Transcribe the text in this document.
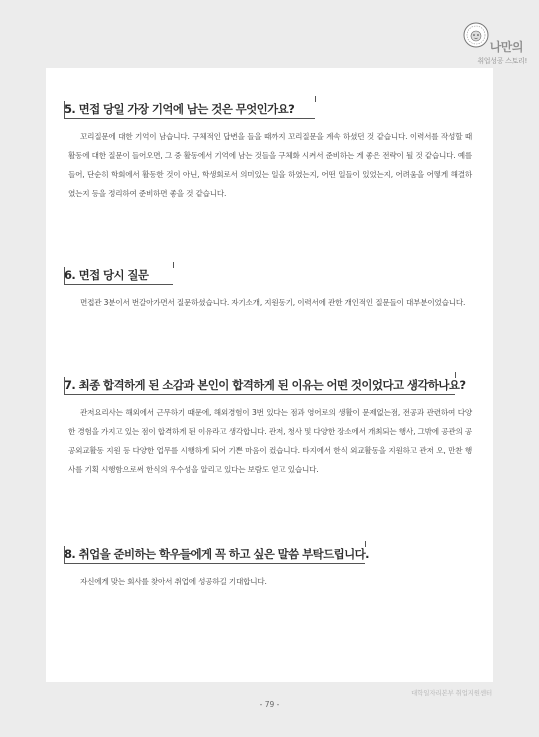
나만의
취업성공 스토리!
5. 면접 당일 가장 기억에 남는 것은 무엇인가요?
꼬리질문에 대한 기억이 남습니다. 구체적인 답변을 들을 때까지 꼬리질문을 계속 하셨던 것 같습니다. 이력서를 작성할 때 활동에 대한 질문이 들어오면, 그 중 활동에서 기억에 남는 것들을 구체화 시켜서 준비하는 게 좋은 전략이 될 것 같습니다. 예를 들어, 단순히 학회에서 활동한 것이 아닌, 학생회로서 의미있는 일을 하였는지, 어떤 일들이 있었는지, 어려움을 어떻게 해결하였는지 등을 정리하여 준비하면 좋을 것 같습니다.
6. 면접 당시 질문
면접관 3분이서 번갈아가면서 질문하셨습니다. 자기소개, 지원동기, 이력서에 관한 개인적인 질문들이 대부분이었습니다.
7. 최종 합격하게 된 소감과 본인이 합격하게 된 이유는 어떤 것이었다고 생각하나요?
관저요리사는 해외에서 근무하기 때문에, 해외경험이 3번 있다는 점과 영어로의 생활이 문제없는점, 전공과 관련하여 다양한 경험을 가지고 있는 점이 합격하게 된 이유라고 생각합니다. 관저, 청사 및 다양한 장소에서 개최되는 행사, 그밖에 공관의 공공외교활동 지원 등 다양한 업무를 시행하게 되어 기쁜 마음이 컸습니다. 타지에서 한식 외교활동을 지원하고 관저 오, 만찬 행사를 기획 시행함으로써 한식의 우수성을 알리고 있다는 보람도 얻고 있습니다.
8. 취업을 준비하는 학우들에게 꼭 하고 싶은 말씀 부탁드립니다.
자신에게 맞는 회사를 찾아서 취업에 성공하길 기대합니다.
대학일자리본부 취업지원센터
- 79 -
